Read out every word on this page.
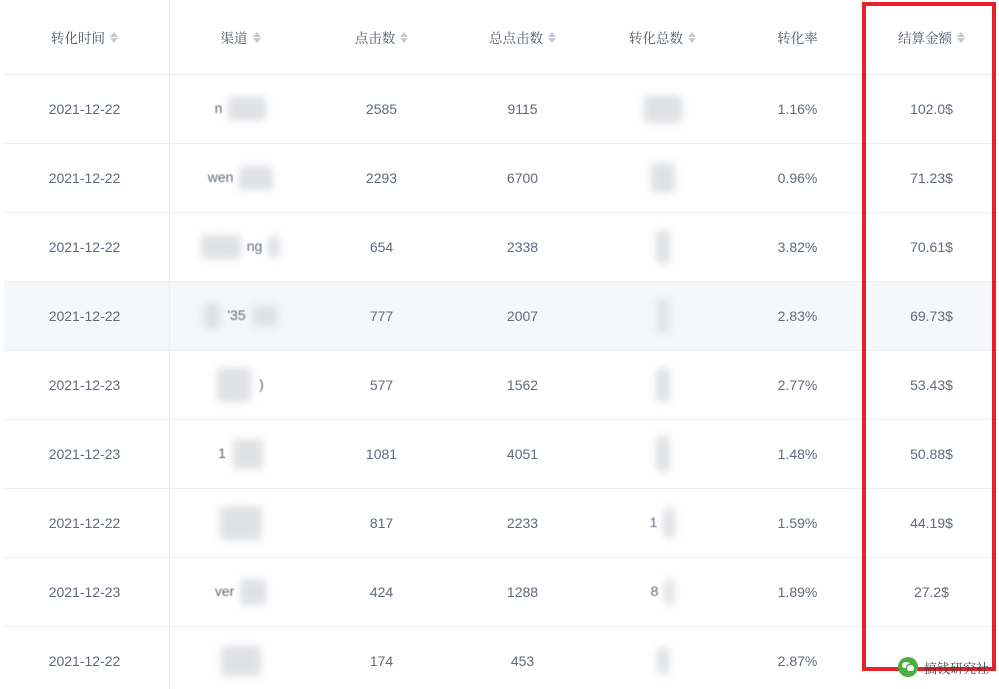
转化时间	渠道	点击数	总点击数	转化总数	转化率	结算金额

2021-12-22	n	2585	9115		1.16%	102.0$
2021-12-22	wen	2293	6700		0.96%	71.23$
2021-12-22	ng	654	2338		3.82%	70.61$
2021-12-22	'35	777	2007		2.83%	69.73$
2021-12-23	)	577	1562		2.77%	53.43$
2021-12-23	1	1081	4051		1.48%	50.88$
2021-12-22		817	2233	1	1.59%	44.19$
2021-12-23	ver	424	1288	8	1.89%	27.2$
2021-12-22		174	453		2.87%		搞钱研究社
